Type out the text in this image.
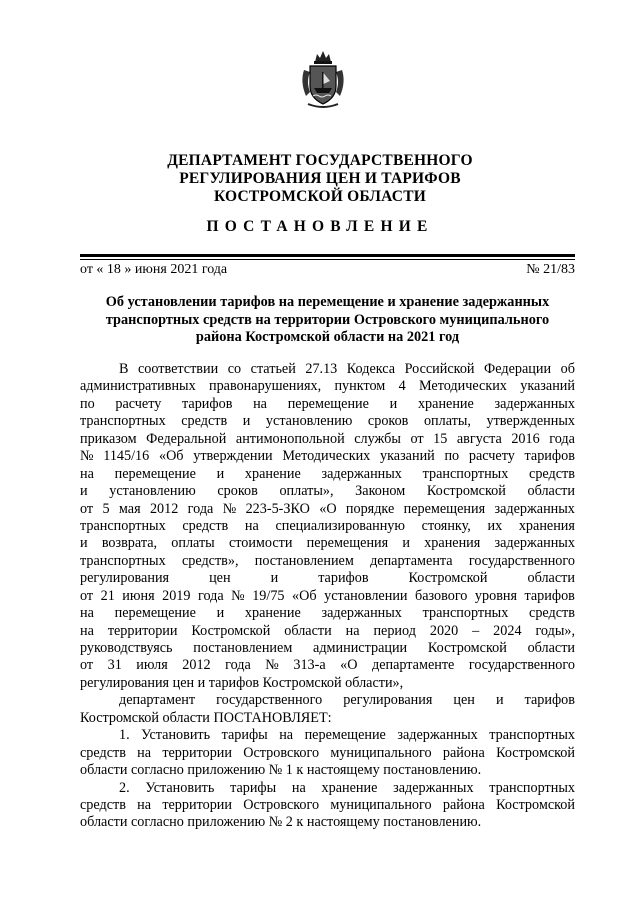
ДЕПАРТАМЕНТ ГОСУДАРСТВЕННОГО
РЕГУЛИРОВАНИЯ ЦЕН И ТАРИФОВ
КОСТРОМСКОЙ ОБЛАСТИ
ПОСТАНОВЛЕНИЕ
от « 18 » июня 2021 года	№ 21/83
Об установлении тарифов на перемещение и хранение задержанных
транспортных средств на территории Островского муниципального
района Костромской области на 2021 год
В соответствии со статьей 27.13 Кодекса Российской Федерации об
административных правонарушениях, пунктом 4 Методических указаний
по расчету тарифов на перемещение и хранение задержанных
транспортных средств и установлению сроков оплаты, утвержденных
приказом Федеральной антимонопольной службы от 15 августа 2016 года
№ 1145/16 «Об утверждении Методических указаний по расчету тарифов
на перемещение и хранение задержанных транспортных средств
и установлению сроков оплаты», Законом Костромской области
от 5 мая 2012 года № 223-5-ЗКО «О порядке перемещения задержанных
транспортных средств на специализированную стоянку, их хранения
и возврата, оплаты стоимости перемещения и хранения задержанных
транспортных средств», постановлением департамента государственного
регулирования	цен	и	тарифов	Костромской	области
от 21 июня 2019 года № 19/75 «Об установлении базового уровня тарифов
на перемещение и хранение задержанных транспортных средств
на территории Костромской области на период 2020 – 2024 годы»,
руководствуясь постановлением администрации Костромской области
от 31 июля 2012 года № 313-а «О департаменте государственного
регулирования цен и тарифов Костромской области»,
департамент государственного регулирования цен и тарифов
Костромской области ПОСТАНОВЛЯЕТ:
1. Установить тарифы на перемещение задержанных транспортных
средств на территории Островского муниципального района Костромской
области согласно приложению № 1 к настоящему постановлению.
2. Установить тарифы на хранение задержанных транспортных
средств на территории Островского муниципального района Костромской
области согласно приложению № 2 к настоящему постановлению.
